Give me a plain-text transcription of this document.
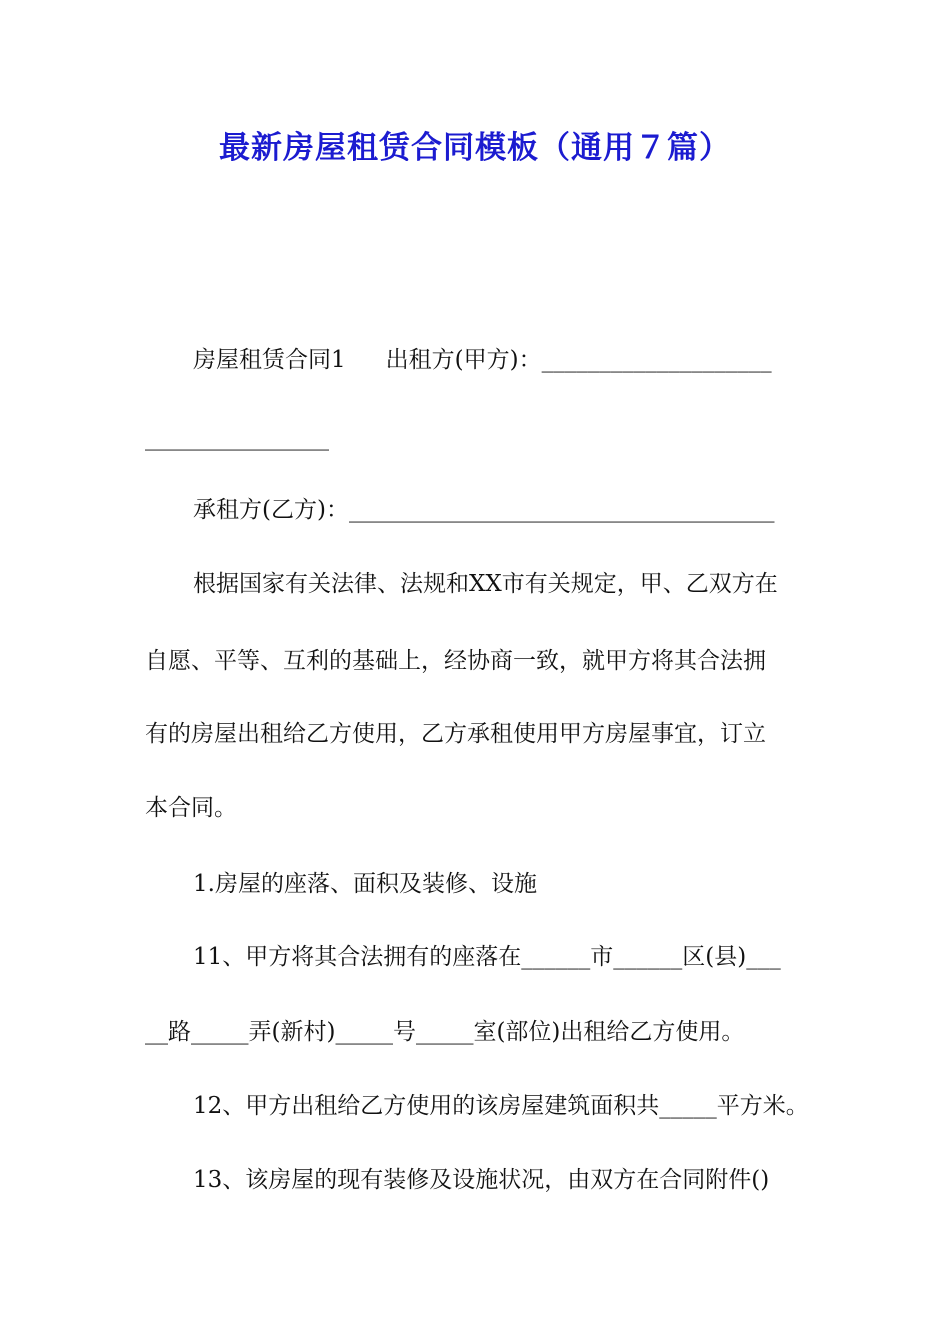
最新房屋租赁合同模板（通用７篇）
房屋租赁合同1 出租方(甲方)：____________________
________________
承租方(乙方)：_____________________________________
根据国家有关法律、法规和XX市有关规定，甲、乙双方在
自愿、平等、互利的基础上，经协商一致，就甲方将其合法拥
有的房屋出租给乙方使用，乙方承租使用甲方房屋事宜，订立
本合同。
1.房屋的座落、面积及装修、设施
11、甲方将其合法拥有的座落在______市______区(县)___
__路_____弄(新村)_____号_____室(部位)出租给乙方使用。
12、甲方出租给乙方使用的该房屋建筑面积共_____平方米。
13、该房屋的现有装修及设施状况，由双方在合同附件()
